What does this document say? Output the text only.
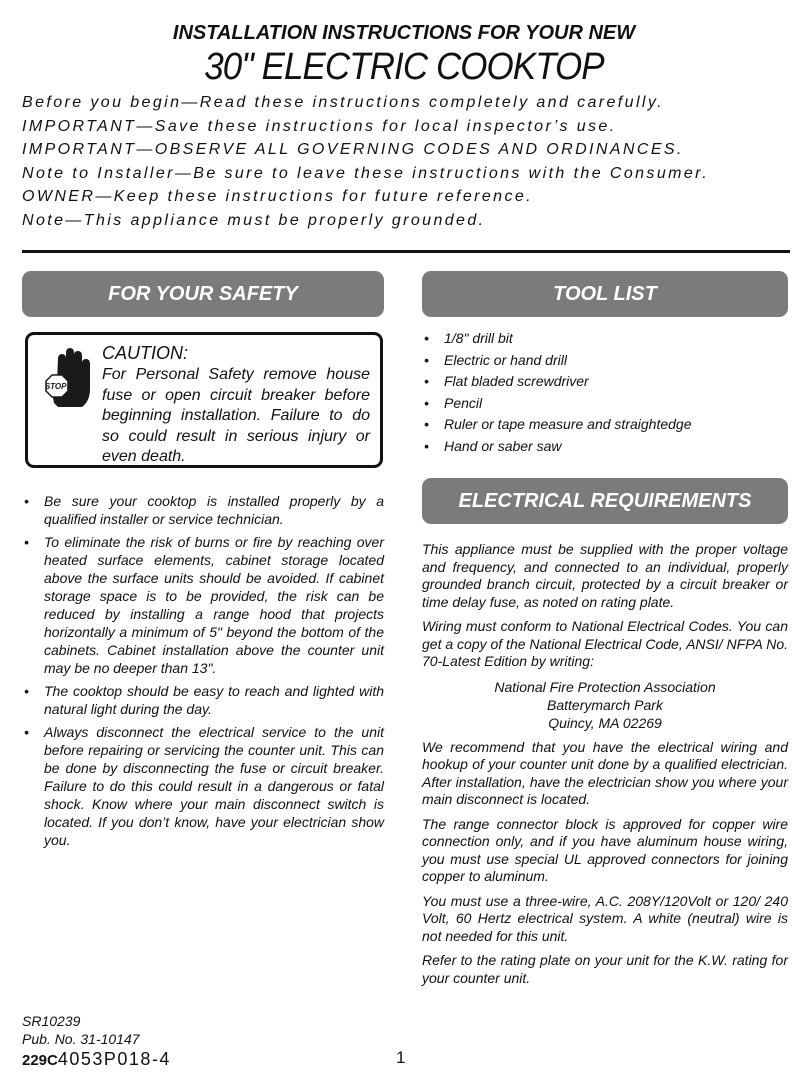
INSTALLATION INSTRUCTIONS FOR YOUR NEW
30" ELECTRIC COOKTOP
Before you begin—Read these instructions completely and carefully.
IMPORTANT—Save these instructions for local inspector’s use.
IMPORTANT—OBSERVE ALL GOVERNING CODES AND ORDINANCES.
Note to Installer—Be sure to leave these instructions with the Consumer.
OWNER—Keep these instructions for future reference.
Note—This appliance must be properly grounded.
FOR YOUR SAFETY
STOP!
CAUTION:
For Personal Safety remove house fuse or open circuit breaker before beginning installation. Failure to do so could result in serious injury or even death.
• Be sure your cooktop is installed properly by a qualified installer or service technician.
• To eliminate the risk of burns or fire by reaching over heated surface elements, cabinet storage located above the surface units should be avoided. If cabinet storage space is to be provided, the risk can be reduced by installing a range hood that projects horizontally a minimum of 5" beyond the bottom of the cabinets. Cabinet installation above the counter unit may be no deeper than 13".
• The cooktop should be easy to reach and lighted with natural light during the day.
• Always disconnect the electrical service to the unit before repairing or servicing the counter unit. This can be done by disconnecting the fuse or circuit breaker. Failure to do this could result in a dangerous or fatal shock. Know where your main disconnect switch is located. If you don’t know, have your electrician show you.
TOOL LIST
• 1/8" drill bit
• Electric or hand drill
• Flat bladed screwdriver
• Pencil
• Ruler or tape measure and straightedge
• Hand or saber saw
ELECTRICAL REQUIREMENTS

This appliance must be supplied with the proper voltage and frequency, and connected to an individual, properly grounded branch circuit, protected by a circuit breaker or time delay fuse, as noted on rating plate.

Wiring must conform to National Electrical Codes. You can get a copy of the National Electrical Code, ANSI/ NFPA No. 70-Latest Edition by writing:

National Fire Protection Association
Batterymarch Park
Quincy, MA 02269

We recommend that you have the electrical wiring and hookup of your counter unit done by a qualified electrician. After installation, have the electrician show you where your main disconnect is located.

The range connector block is approved for copper wire connection only, and if you have aluminum house wiring, you must use special UL approved connectors for joining copper to aluminum.

You must use a three-wire, A.C. 208Y/120Volt or 120/ 240 Volt, 60 Hertz electrical system. A white (neutral) wire is not needed for this unit.

Refer to the rating plate on your unit for the K.W. rating for your counter unit.

SR10239
Pub. No. 31-10147
229C4053P018-4	1
